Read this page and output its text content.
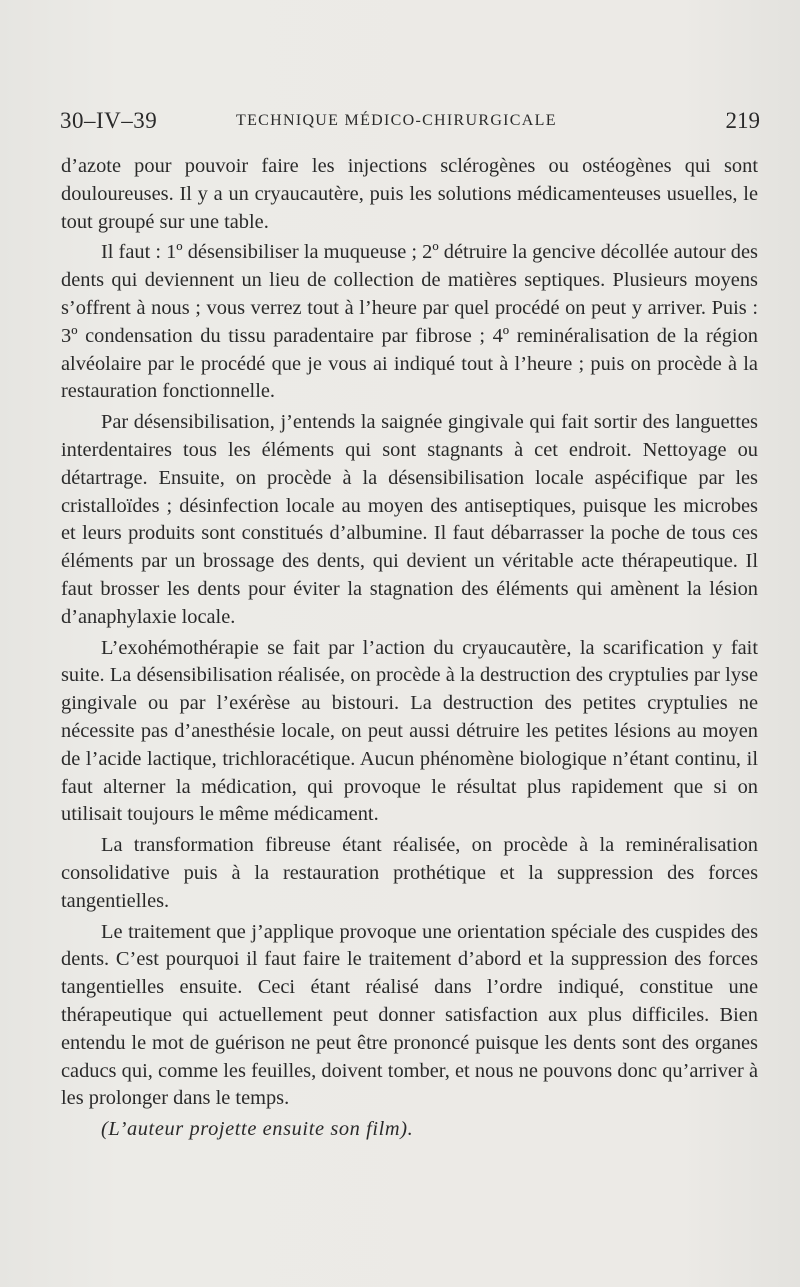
30–IV–39	TECHNIQUE MÉDICO-CHIRURGICALE	219

d’azote pour pouvoir faire les injections sclérogènes ou ostéogènes qui sont douloureuses. Il y a un cryaucautère, puis les solutions médicamenteuses usuelles, le tout groupé sur une table.

Il faut : 1º désensibiliser la muqueuse ; 2º détruire la gencive décollée autour des dents qui deviennent un lieu de collection de matières septiques. Plusieurs moyens s’offrent à nous ; vous verrez tout à l’heure par quel procédé on peut y arriver. Puis : 3º condensation du tissu paradentaire par fibrose ; 4º reminéralisation de la région alvéolaire par le procédé que je vous ai indiqué tout à l’heure ; puis on procède à la restauration fonctionnelle.

Par désensibilisation, j’entends la saignée gingivale qui fait sortir des languettes interdentaires tous les éléments qui sont stagnants à cet endroit. Nettoyage ou détartrage. Ensuite, on procède à la désensibilisation locale aspécifique par les cristalloïdes ; désinfection locale au moyen des antiseptiques, puisque les microbes et leurs produits sont constitués d’albumine. Il faut débarrasser la poche de tous ces éléments par un brossage des dents, qui devient un véritable acte thérapeutique. Il faut brosser les dents pour éviter la stagnation des éléments qui amènent la lésion d’anaphylaxie locale.

L’exohémothérapie se fait par l’action du cryaucautère, la scarification y fait suite. La désensibilisation réalisée, on procède à la destruction des cryptulies par lyse gingivale ou par l’exérèse au bistouri. La destruction des petites cryptulies ne nécessite pas d’anesthésie locale, on peut aussi détruire les petites lésions au moyen de l’acide lactique, trichloracétique. Aucun phénomène biologique n’étant continu, il faut alterner la médication, qui provoque le résultat plus rapidement que si on utilisait toujours le même médicament.

La transformation fibreuse étant réalisée, on procède à la reminéralisation consolidative puis à la restauration prothétique et la suppression des forces tangentielles.

Le traitement que j’applique provoque une orientation spéciale des cuspides des dents. C’est pourquoi il faut faire le traitement d’abord et la suppression des forces tangentielles ensuite. Ceci étant réalisé dans l’ordre indiqué, constitue une thérapeutique qui actuellement peut donner satisfaction aux plus difficiles. Bien entendu le mot de guérison ne peut être prononcé puisque les dents sont des organes caducs qui, comme les feuilles, doivent tomber, et nous ne pouvons donc qu’arriver à les prolonger dans le temps.

(L’auteur projette ensuite son film).
